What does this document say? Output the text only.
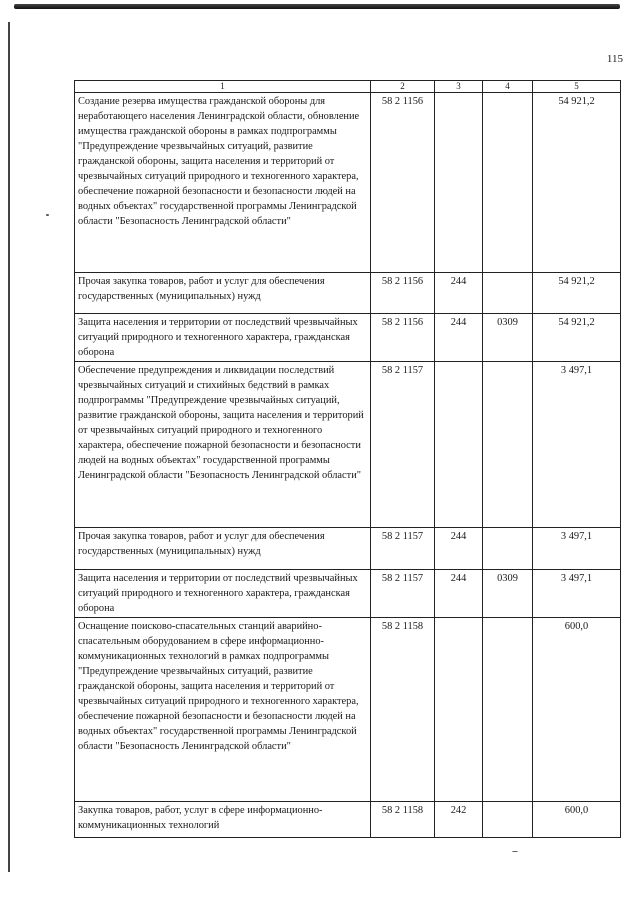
115
1	2	3	4	5
Создание резерва имущества гражданской обороны для неработающего населения Ленинградской области, обновление имущества гражданской обороны в рамках подпрограммы "Предупреждение чрезвычайных ситуаций, развитие гражданской обороны, защита населения и территорий от чрезвычайных ситуаций природного и техногенного характера, обеспечение пожарной безопасности и безопасности людей на водных объектах" государственной программы Ленинградской области "Безопасность Ленинградской области"	58 2 1156			54 921,2
Прочая закупка товаров, работ и услуг для обеспечения государственных (муниципальных) нужд	58 2 1156	244		54 921,2
Защита населения и территории от последствий чрезвычайных ситуаций природного и техногенного характера, гражданская оборона	58 2 1156	244	0309	54 921,2
Обеспечение предупреждения и ликвидации последствий чрезвычайных ситуаций и стихийных бедствий в рамках подпрограммы "Предупреждение чрезвычайных ситуаций, развитие гражданской обороны, защита населения и территорий от чрезвычайных ситуаций природного и техногенного характера, обеспечение пожарной безопасности и безопасности людей на водных объектах" государственной программы Ленинградской области "Безопасность Ленинградской области"	58 2 1157			3 497,1
Прочая закупка товаров, работ и услуг для обеспечения государственных (муниципальных) нужд	58 2 1157	244		3 497,1
Защита населения и территории от последствий чрезвычайных ситуаций природного и техногенного характера, гражданская оборона	58 2 1157	244	0309	3 497,1
Оснащение поисково-спасательных станций аварийно-спасательным оборудованием в сфере информационно-коммуникационных технологий в рамках подпрограммы "Предупреждение чрезвычайных ситуаций, развитие гражданской обороны, защита населения и территорий от чрезвычайных ситуаций природного и техногенного характера, обеспечение пожарной безопасности и безопасности людей на водных объектах" государственной программы Ленинградской области "Безопасность Ленинградской области"	58 2 1158			600,0
Закупка товаров, работ, услуг в сфере информационно-коммуникационных технологий	58 2 1158	242		600,0
